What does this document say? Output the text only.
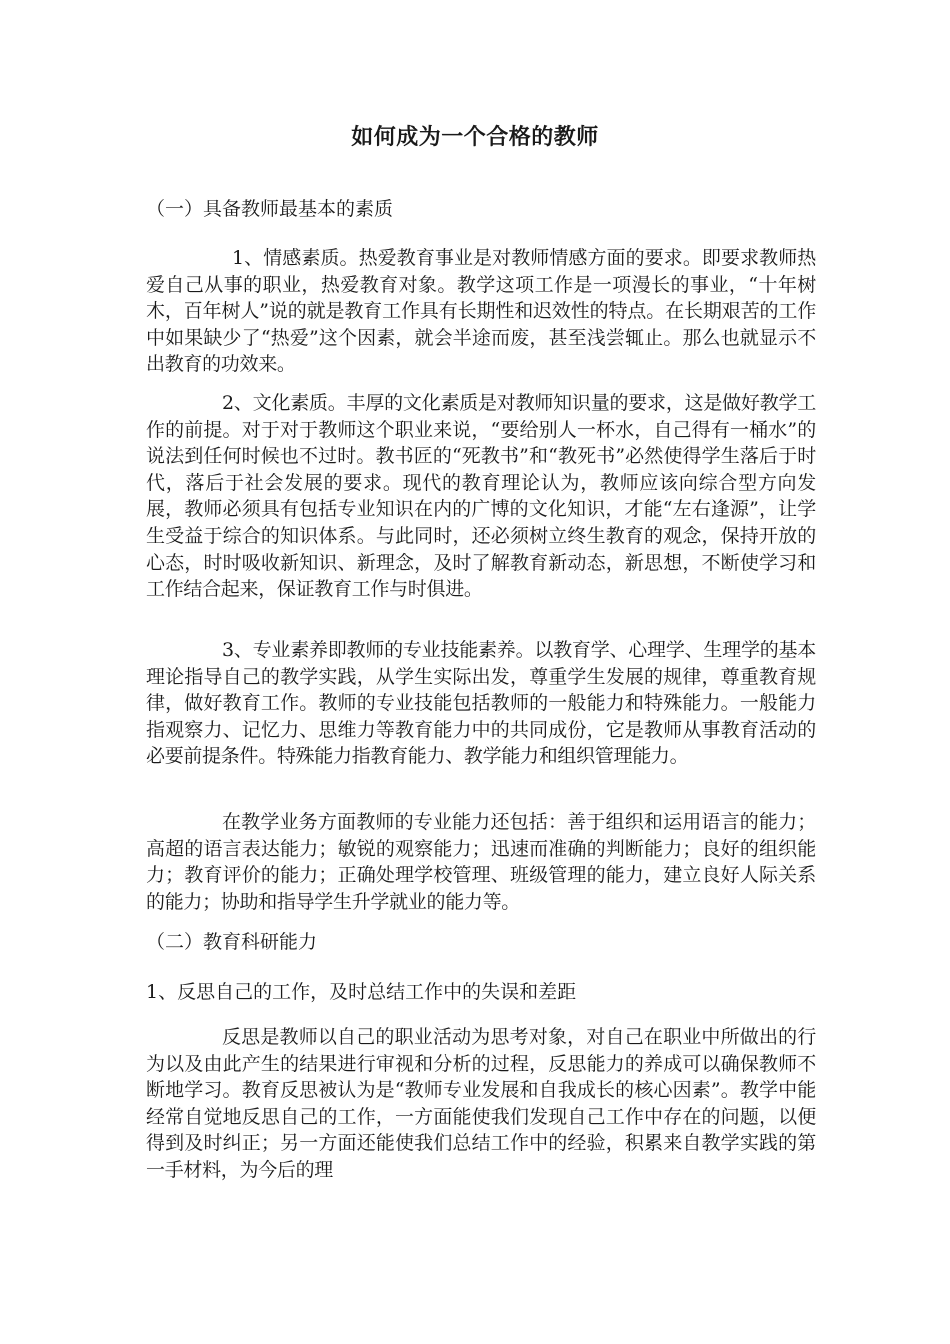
如何成为一个合格的教师
（一）具备教师最基本的素质

1、情感素质。热爱教育事业是对教师情感方面的要求。即要求教师热爱自己从事的职业，热爱教育对象。教学这项工作是一项漫长的事业，“十年树木，百年树人”说的就是教育工作具有长期性和迟效性的特点。在长期艰苦的工作中如果缺少了“热爱”这个因素，就会半途而废，甚至浅尝辄止。那么也就显示不出教育的功效来。

2、文化素质。丰厚的文化素质是对教师知识量的要求，这是做好教学工作的前提。对于对于教师这个职业来说，“要给别人一杯水，自己得有一桶水”的说法到任何时候也不过时。教书匠的“死教书”和“教死书”必然使得学生落后于时代，落后于社会发展的要求。现代的教育理论认为，教师应该向综合型方向发展，教师必须具有包括专业知识在内的广博的文化知识，才能“左右逢源”，让学生受益于综合的知识体系。与此同时，还必须树立终生教育的观念，保持开放的心态，时时吸收新知识、新理念，及时了解教育新动态，新思想，不断使学习和工作结合起来，保证教育工作与时俱进。

3、专业素养即教师的专业技能素养。以教育学、心理学、生理学的基本理论指导自己的教学实践，从学生实际出发，尊重学生发展的规律，尊重教育规律，做好教育工作。教师的专业技能包括教师的一般能力和特殊能力。一般能力指观察力、记忆力、思维力等教育能力中的共同成份，它是教师从事教育活动的必要前提条件。特殊能力指教育能力、教学能力和组织管理能力。

在教学业务方面教师的专业能力还包括：善于组织和运用语言的能力；高超的语言表达能力；敏锐的观察能力；迅速而准确的判断能力；良好的组织能力；教育评价的能力；正确处理学校管理、班级管理的能力，建立良好人际关系的能力；协助和指导学生升学就业的能力等。

（二）教育科研能力
1、反思自己的工作，及时总结工作中的失误和差距

反思是教师以自己的职业活动为思考对象，对自己在职业中所做出的行为以及由此产生的结果进行审视和分析的过程，反思能力的养成可以确保教师不断地学习。教育反思被认为是“教师专业发展和自我成长的核心因素”。教学中能经常自觉地反思自己的工作，一方面能使我们发现自己工作中存在的问题，以便得到及时纠正；另一方面还能使我们总结工作中的经验，积累来自教学实践的第一手材料，为今后的理
